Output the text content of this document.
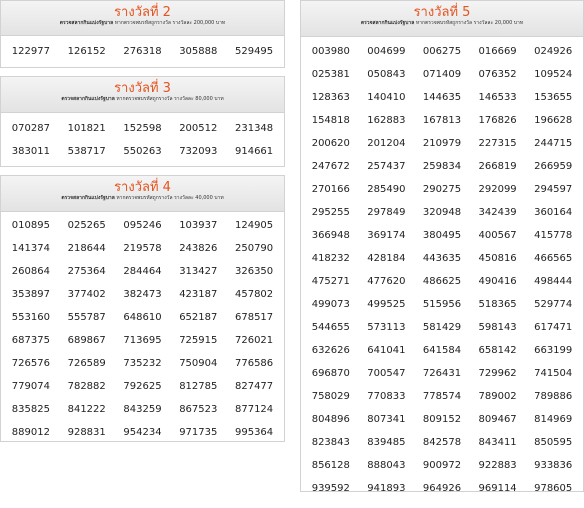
รางวัลที่ 2
ตรวจสลากกินแบ่งรัฐบาล หากตรวจพบรหัสถูกรางวัล รางวัลละ 200,000 บาท
122977	126152	276318	305888	529495
รางวัลที่ 3
ตรวจสลากกินแบ่งรัฐบาล หากตรวจพบรหัสถูกรางวัล รางวัลละ 80,000 บาท
070287	101821	152598	200512	231348
383011	538717	550263	732093	914661
รางวัลที่ 4
ตรวจสลากกินแบ่งรัฐบาล หากตรวจพบรหัสถูกรางวัล รางวัลละ 40,000 บาท
010895	025265	095246	103937	124905
141374	218644	219578	243826	250790
260864	275364	284464	313427	326350
353897	377402	382473	423187	457802
553160	555787	648610	652187	678517
687375	689867	713695	725915	726021
726576	726589	735232	750904	776586
779074	782882	792625	812785	827477
835825	841222	843259	867523	877124
889012	928831	954234	971735	995364
รางวัลที่ 5
ตรวจสลากกินแบ่งรัฐบาล หากตรวจพบรหัสถูกรางวัล รางวัลละ 20,000 บาท
003980	004699	006275	016669	024926
025381	050843	071409	076352	109524
128363	140410	144635	146533	153655
154818	162883	167813	176826	196628
200620	201204	210979	227315	244715
247672	257437	259834	266819	266959
270166	285490	290275	292099	294597
295255	297849	320948	342439	360164
366948	369174	380495	400567	415778
418232	428184	443635	450816	466565
475271	477620	486625	490416	498444
499073	499525	515956	518365	529774
544655	573113	581429	598143	617471
632626	641041	641584	658142	663199
696870	700547	726431	729962	741504
758029	770833	778574	789002	789886
804896	807341	809152	809467	814969
823843	839485	842578	843411	850595
856128	888043	900972	922883	933836
939592	941893	964926	969114	978605
